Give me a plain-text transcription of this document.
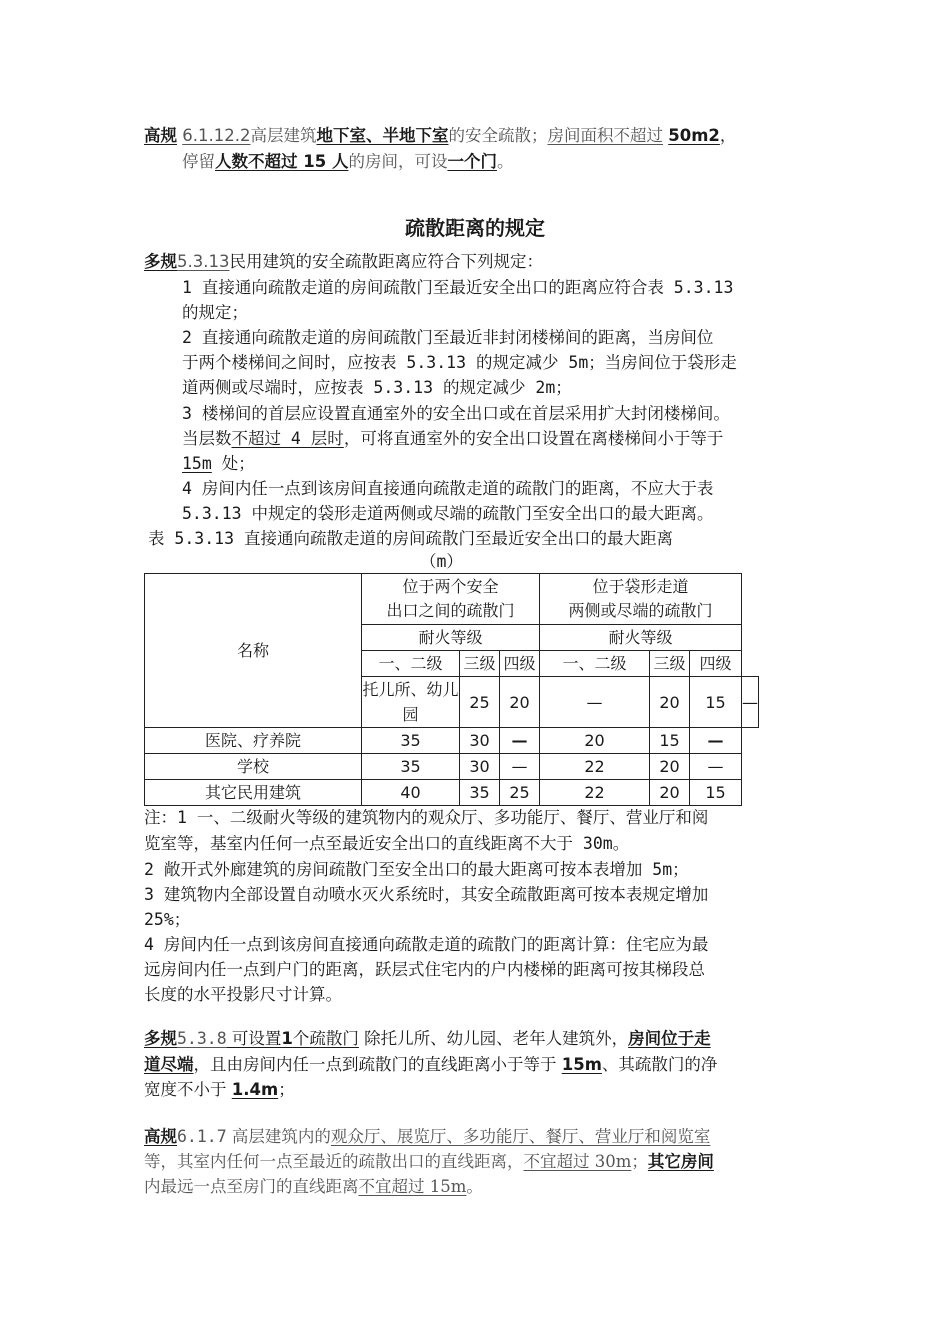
高规 6.1.12.2高层建筑地下室、半地下室的安全疏散；房间面积不超过 50m2，
停留人数不超过 15 人的房间，可设一个门。
疏散距离的规定
多规5.3.13民用建筑的安全疏散距离应符合下列规定：
1 直接通向疏散走道的房间疏散门至最近安全出口的距离应符合表 5.3.13
的规定；
2 直接通向疏散走道的房间疏散门至最近非封闭楼梯间的距离，当房间位
于两个楼梯间之间时，应按表 5.3.13 的规定减少 5m；当房间位于袋形走
道两侧或尽端时，应按表 5.3.13 的规定减少 2m；
3 楼梯间的首层应设置直通室外的安全出口或在首层采用扩大封闭楼梯间。
当层数不超过 4 层时，可将直通室外的安全出口设置在离楼梯间小于等于
15m 处；
4 房间内任一点到该房间直接通向疏散走道的疏散门的距离，不应大于表
5.3.13 中规定的袋形走道两侧或尽端的疏散门至安全出口的最大距离。
表 5.3.13 直接通向疏散走道的房间疏散门至最近安全出口的最大距离
（m）
名称	位于两个安全
出口之间的疏散门			位于袋形走道
两侧或尽端的疏散门			
	耐火等级			耐火等级			
	一、二级	三级	四级	一、二级	三级	四级	
	托儿所、幼儿园	25	20	—	20	15	—
医院、疗养院	35	30	—	20	15	—	
学校	35	30	—	22	20	—	
其它民用建筑	40	35	25	22	20	15	
注：1 一、二级耐火等级的建筑物内的观众厅、多功能厅、餐厅、营业厅和阅
览室等，基室内任何一点至最近安全出口的直线距离不大于 30m。
2 敞开式外廊建筑的房间疏散门至安全出口的最大距离可按本表增加 5m；
3 建筑物内全部设置自动喷水灭火系统时，其安全疏散距离可按本表规定增加
25%；
4 房间内任一点到该房间直接通向疏散走道的疏散门的距离计算：住宅应为最
远房间内任一点到户门的距离，跃层式住宅内的户内楼梯的距离可按其梯段总
长度的水平投影尺寸计算。
多规5.3.8 可设置1个疏散门 除托儿所、幼儿园、老年人建筑外，房间位于走
道尽端，且由房间内任一点到疏散门的直线距离小于等于 15m、其疏散门的净
宽度不小于 1.4m；
高规6.1.7 高层建筑内的观众厅、展览厅、多功能厅、餐厅、营业厅和阅览室
等，其室内任何一点至最近的疏散出口的直线距离，不宜超过 30m；其它房间
内最远一点至房门的直线距离不宜超过 15m。
